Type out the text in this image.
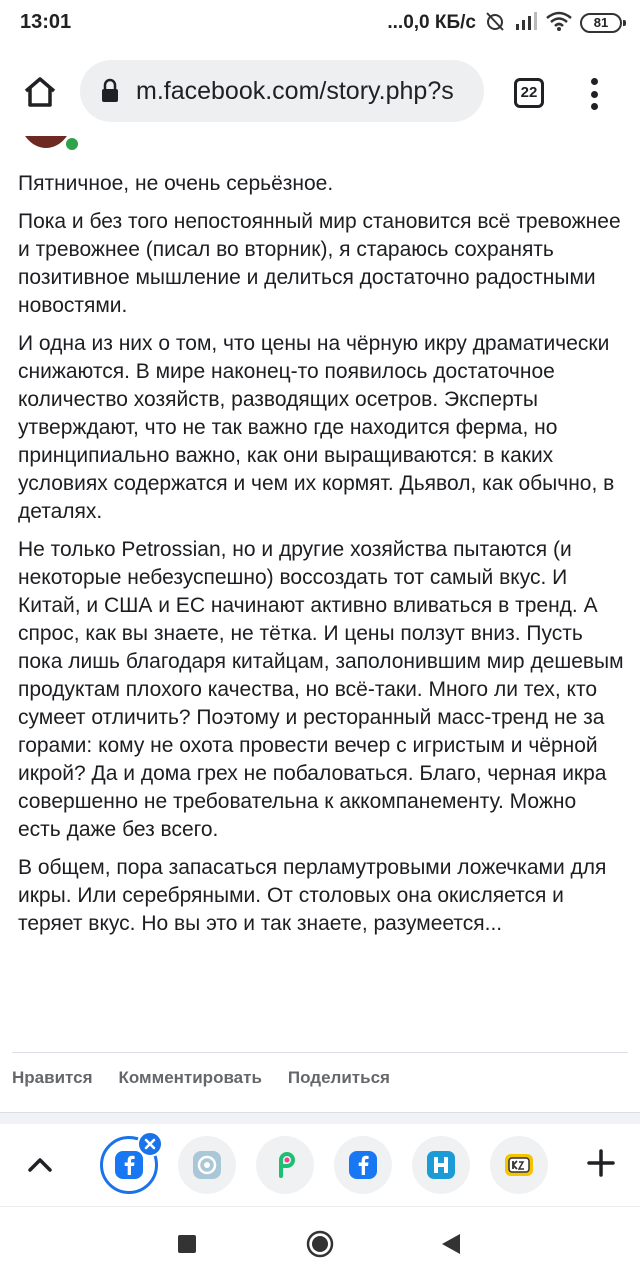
13:01	...0,0 КБ/с	81
m.facebook.com/story.php?s	22

Пятничное, не очень серьёзное.

Пока и без того непостоянный мир становится всё тревожнее и тревожнее (писал во вторник), я стараюсь сохранять позитивное мышление и делиться достаточно радостными новостями.

И одна из них о том, что цены на чёрную икру драматически снижаются. В мире наконец-то появилось достаточное количество хозяйств, разводящих осетров. Эксперты утверждают, что не так важно где находится ферма, но принципиально важно, как они выращиваются: в каких условиях содержатся и чем их кормят. Дьявол, как обычно, в деталях.

Не только Petrossian, но и другие хозяйства пытаются (и некоторые небезуспешно) воссоздать тот самый вкус. И Китай, и США и ЕС начинают активно вливаться в тренд. А спрос, как вы знаете, не тётка. И цены ползут вниз. Пусть пока лишь благодаря китайцам, заполонившим мир дешевым продуктам плохого качества, но всё-таки. Много ли тех, кто сумеет отличить? Поэтому и ресторанный масс-тренд не за горами: кому не охота провести вечер с игристым и чёрной икрой? Да и дома грех не побаловаться. Благо, черная икра совершенно не требовательна к аккомпанементу. Можно есть даже без всего.

В общем, пора запасаться перламутровыми ложечками для икры. Или серебряными. От столовых она окисляется и теряет вкус. Но вы это и так знаете, разумеется...

Нравится Комментировать Поделиться
